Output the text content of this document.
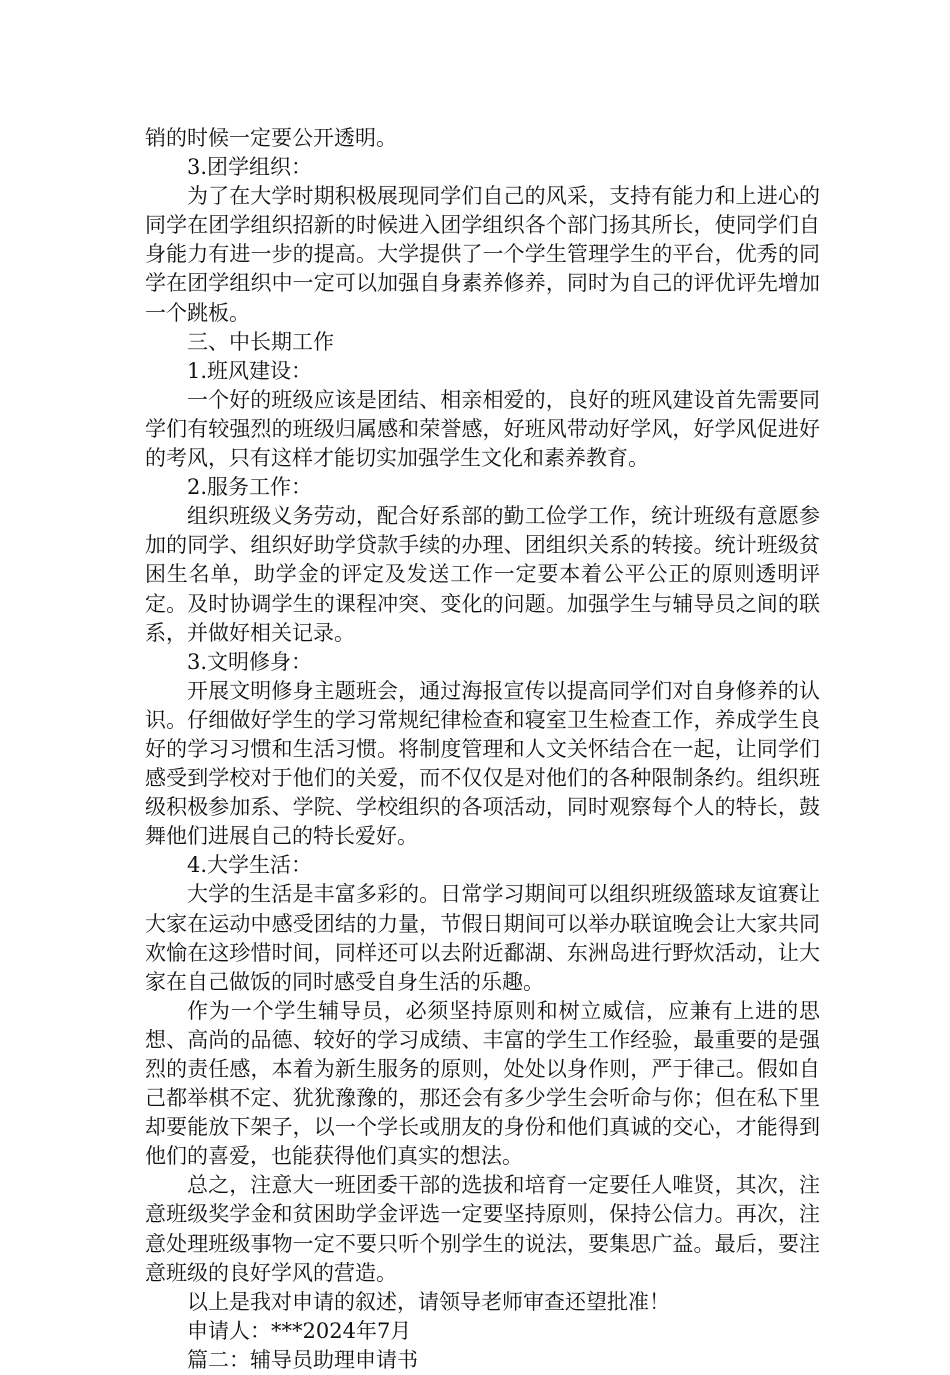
销的时候一定要公开透明。

3.团学组织：

为了在大学时期积极展现同学们自己的风采，支持有能力和上进心的同学在团学组织招新的时候进入团学组织各个部门扬其所长，使同学们自身能力有进一步的提高。大学提供了一个学生管理学生的平台，优秀的同学在团学组织中一定可以加强自身素养修养，同时为自己的评优评先增加一个跳板。

三、中长期工作

1.班风建设：

一个好的班级应该是团结、相亲相爱的，良好的班风建设首先需要同学们有较强烈的班级归属感和荣誉感，好班风带动好学风，好学风促进好的考风，只有这样才能切实加强学生文化和素养教育。

2.服务工作：

组织班级义务劳动，配合好系部的勤工俭学工作，统计班级有意愿参加的同学、组织好助学贷款手续的办理、团组织关系的转接。统计班级贫困生名单，助学金的评定及发送工作一定要本着公平公正的原则透明评定。及时协调学生的课程冲突、变化的问题。加强学生与辅导员之间的联系，并做好相关记录。

3.文明修身：

开展文明修身主题班会，通过海报宣传以提高同学们对自身修养的认识。仔细做好学生的学习常规纪律检查和寝室卫生检查工作，养成学生良好的学习习惯和生活习惯。将制度管理和人文关怀结合在一起，让同学们感受到学校对于他们的关爱，而不仅仅是对他们的各种限制条约。组织班级积极参加系、学院、学校组织的各项活动，同时观察每个人的特长，鼓舞他们进展自己的特长爱好。

4.大学生活：

大学的生活是丰富多彩的。日常学习期间可以组织班级篮球友谊赛让大家在运动中感受团结的力量，节假日期间可以举办联谊晚会让大家共同欢愉在这珍惜时间，同样还可以去附近鄱湖、东洲岛进行野炊活动，让大家在自己做饭的同时感受自身生活的乐趣。

作为一个学生辅导员，必须坚持原则和树立威信，应兼有上进的思想、高尚的品德、较好的学习成绩、丰富的学生工作经验，最重要的是强烈的责任感，本着为新生服务的原则，处处以身作则，严于律己。假如自己都举棋不定、犹犹豫豫的，那还会有多少学生会听命与你；但在私下里却要能放下架子，以一个学长或朋友的身份和他们真诚的交心，才能得到他们的喜爱，也能获得他们真实的想法。

总之，注意大一班团委干部的选拔和培育一定要任人唯贤，其次，注意班级奖学金和贫困助学金评选一定要坚持原则，保持公信力。再次，注意处理班级事物一定不要只听个别学生的说法，要集思广益。最后，要注意班级的良好学风的营造。

以上是我对申请的叙述，请领导老师审查还望批准！

申请人：***2024年7月

篇二：辅导员助理申请书
